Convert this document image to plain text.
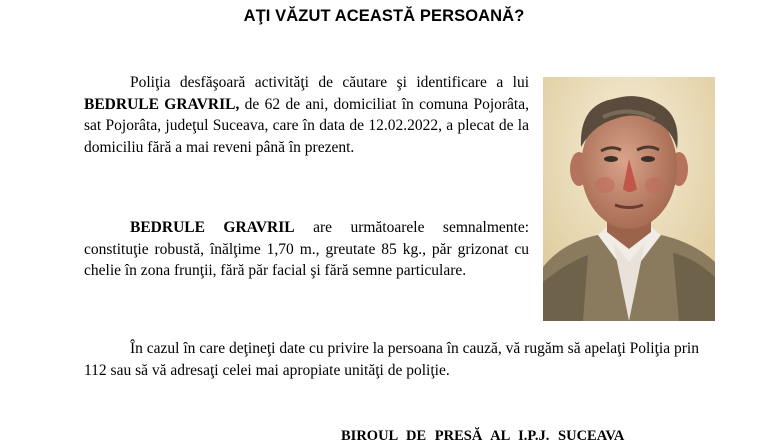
AŢI VĂZUT ACEASTĂ PERSOANĂ?

Poliţia desfăşoară activităţi de căutare şi identificare a lui BEDRULE GRAVRIL, de 62 de ani, domiciliat în comuna Pojorâta, sat Pojorâta, judeţul Suceava, care în data de 12.02.2022, a plecat de la domiciliu fără a mai reveni până în prezent.

BEDRULE GRAVRIL are următoarele semnalmente: constituţie robustă, înălţime 1,70 m., greutate 85 kg., păr grizonat cu chelie în zona frunţii, fără păr facial şi fără semne particulare.

În cazul în care deţineţi date cu privire la persoana în cauză, vă rugăm să apelaţi Poliţia prin 112 sau să vă adresaţi celei mai apropiate unităţi de poliţie.

BIROUL DE PRESĂ AL I.P.J. SUCEAVA
